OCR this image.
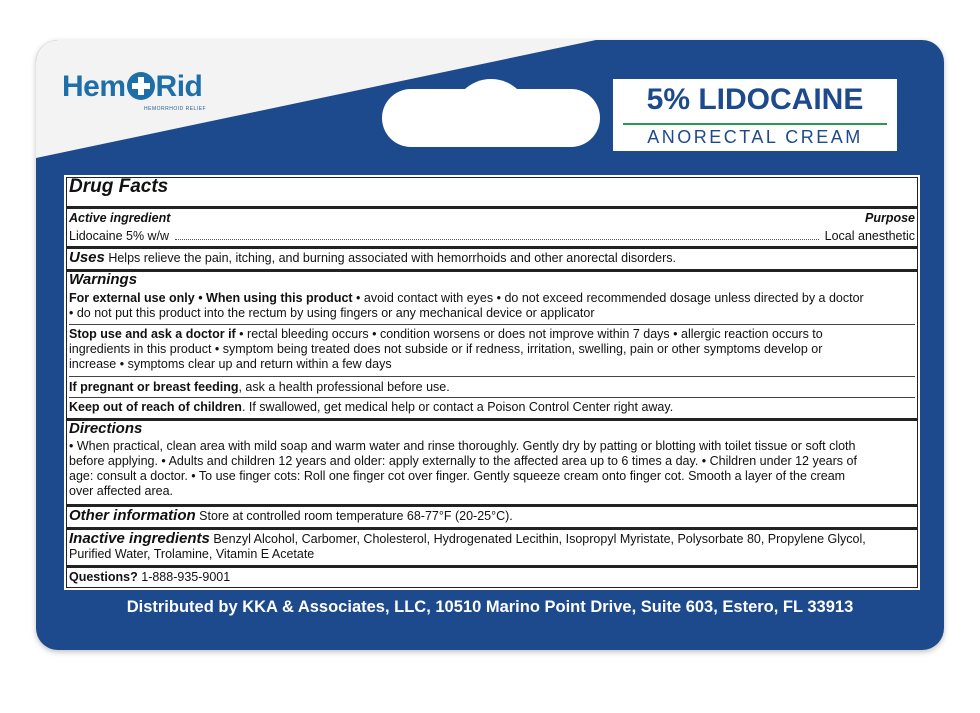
Hem Rid
HEMORRHOID RELIEF	5% LIDOCAINE
ANORECTAL CREAM
Drug Facts
Active ingredient	Purpose
Lidocaine 5% w/w	Local anesthetic
Uses Helps relieve the pain, itching, and burning associated with hemorrhoids and other anorectal disorders.
Warnings
For external use only • When using this product • avoid contact with eyes • do not exceed recommended dosage unless directed by a doctor
• do not put this product into the rectum by using fingers or any mechanical device or applicator
Stop use and ask a doctor if • rectal bleeding occurs • condition worsens or does not improve within 7 days • allergic reaction occurs to
ingredients in this product • symptom being treated does not subside or if redness, irritation, swelling, pain or other symptoms develop or
increase • symptoms clear up and return within a few days
If pregnant or breast feeding, ask a health professional before use.
Keep out of reach of children. If swallowed, get medical help or contact a Poison Control Center right away.
Directions
• When practical, clean area with mild soap and warm water and rinse thoroughly. Gently dry by patting or blotting with toilet tissue or soft cloth
before applying. • Adults and children 12 years and older: apply externally to the affected area up to 6 times a day. • Children under 12 years of
age: consult a doctor. • To use finger cots: Roll one finger cot over finger. Gently squeeze cream onto finger cot. Smooth a layer of the cream
over affected area.
Other information Store at controlled room temperature 68-77°F (20-25°C).
Inactive ingredients Benzyl Alcohol, Carbomer, Cholesterol, Hydrogenated Lecithin, Isopropyl Myristate, Polysorbate 80, Propylene Glycol,
Purified Water, Trolamine, Vitamin E Acetate
Questions? 1-888-935-9001
Distributed by KKA & Associates, LLC, 10510 Marino Point Drive, Suite 603, Estero, FL 33913
